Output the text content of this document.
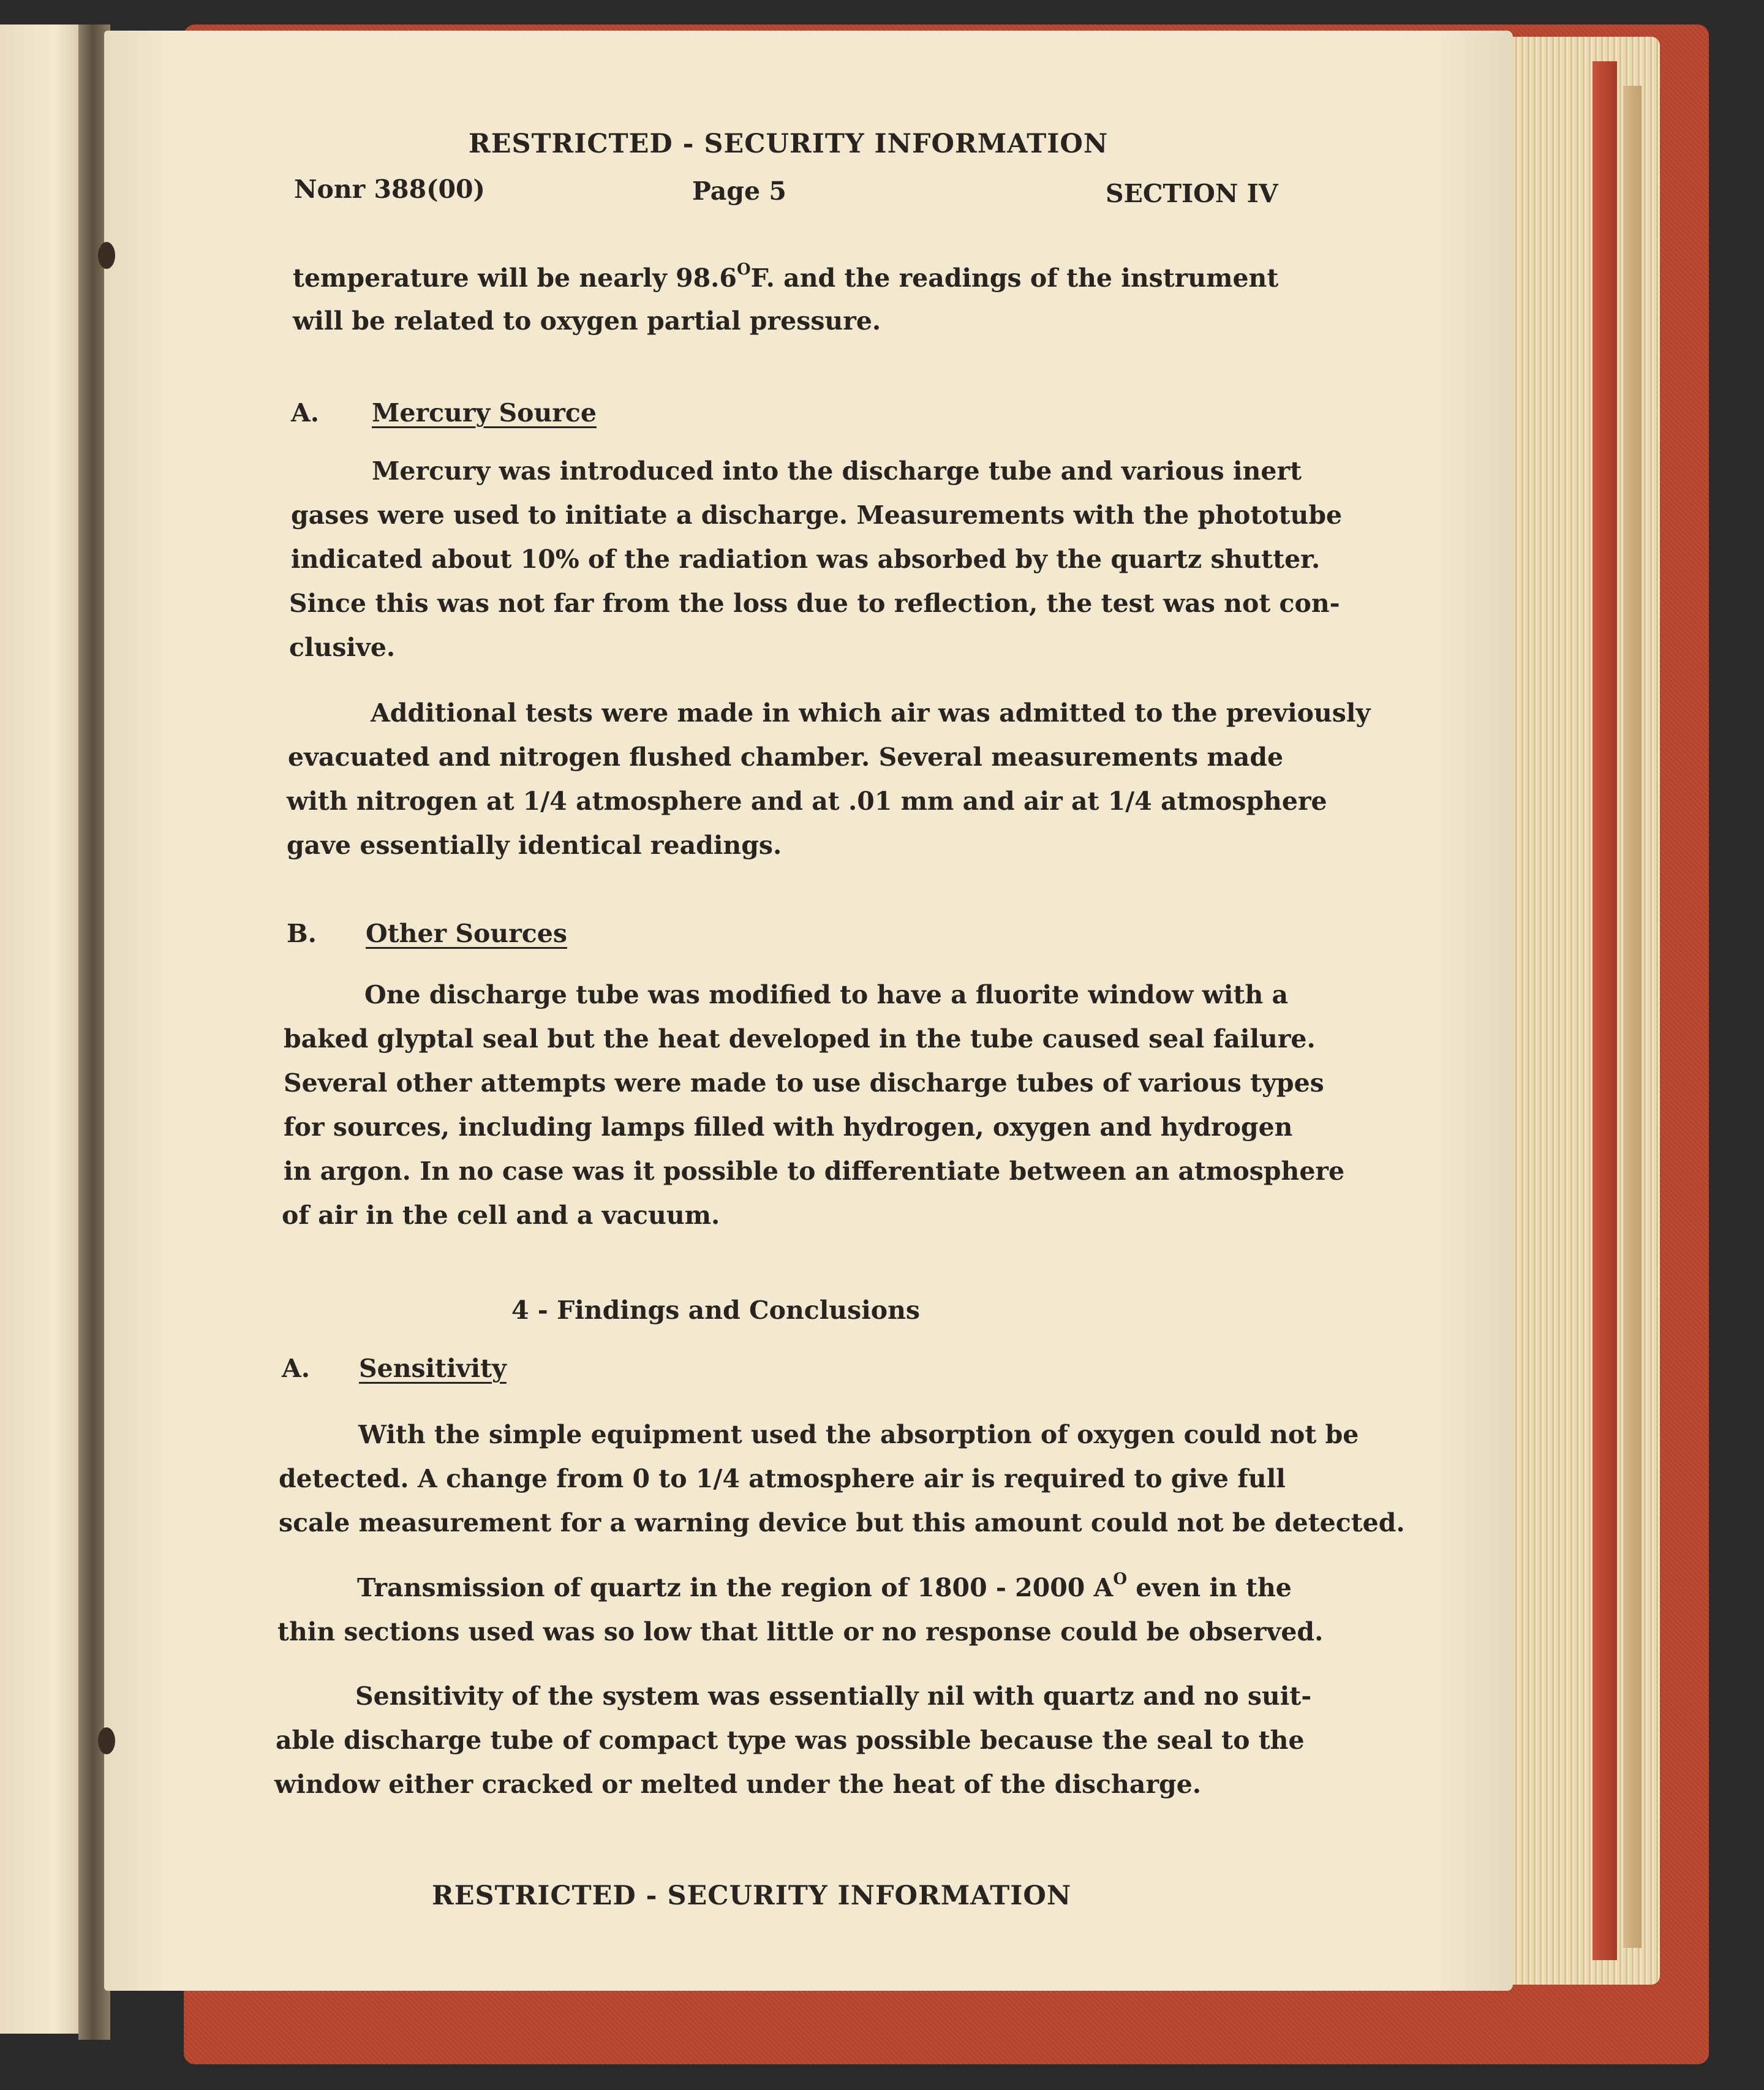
RESTRICTED - SECURITY INFORMATION
Nonr 388(00)	Page 5	SECTION IV
temperature will be nearly $98.6^OF$. and the readings of the instrument
will be related to oxygen partial pressure.
A. Mercury Source
Mercury was introduced into the discharge tube and various inert
gases were used to initiate a discharge. Measurements with the phototube
indicated about 10% of the radiation was absorbed by the quartz shutter.
Since this was not far from the loss due to reflection, the test was not con-
clusive.
Additional tests were made in which air was admitted to the previously
evacuated and nitrogen flushed chamber. Several measurements made
with nitrogen at 1/4 atmosphere and at .01 mm and air at 1/4 atmosphere
gave essentially identical readings.
B. Other Sources
One discharge tube was modified to have a fluorite window with a
baked glyptal seal but the heat developed in the tube caused seal failure.
Several other attempts were made to use discharge tubes of various types
for sources, including lamps filled with hydrogen, oxygen and hydrogen
in argon. In no case was it possible to differentiate between an atmosphere
of air in the cell and a vacuum.
4 - Findings and Conclusions
A. Sensitivity
With the simple equipment used the absorption of oxygen could not be
detected. A change from 0 to 1/4 atmosphere air is required to give full
scale measurement for a warning device but this amount could not be detected.
Transmission of quartz in the region of 1800 - 2000 $A^O$ even in the
thin sections used was so low that little or no response could be observed.
Sensitivity of the system was essentially nil with quartz and no suit-
able discharge tube of compact type was possible because the seal to the
window either cracked or melted under the heat of the discharge.
RESTRICTED - SECURITY INFORMATION
